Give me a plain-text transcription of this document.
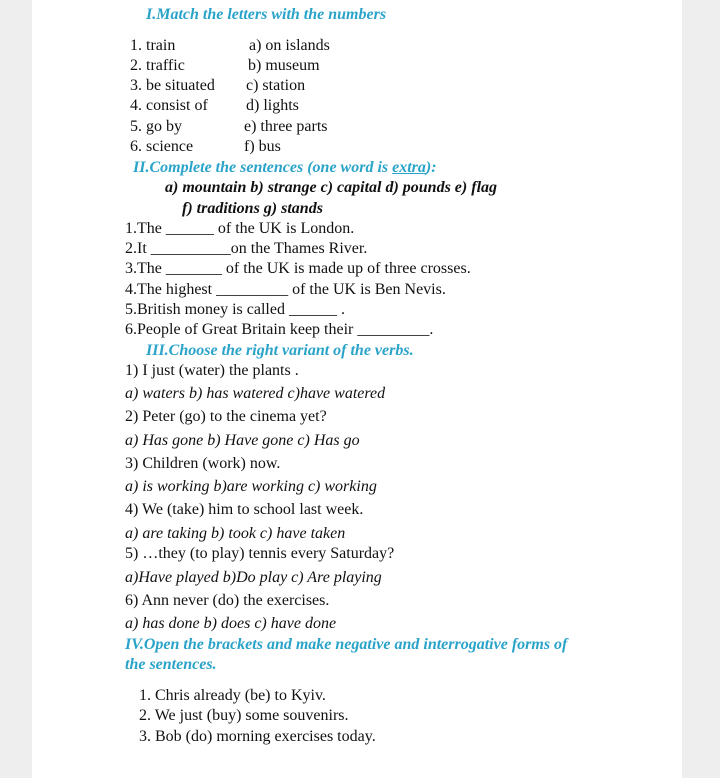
I.Match the letters with the numbers
1. train
2. traffic
3. be situated
4. consist of
5. go by
6. science
a) on islands
b) museum
c) station
d) lights
e) three parts
f) bus
II.Complete the sentences (one word is extra):
a) mountain b) strange c) capital d) pounds e) flag
f) traditions g) stands
1.The ______ of the UK is London.
2.It __________on the Thames River.
3.The _______ of the UK is made up of three crosses.
4.The highest _________ of the UK is Ben Nevis.
5.British money is called ______ .
6.People of Great Britain keep their _________.
III.Choose the right variant of the verbs.
1) I just (water) the plants .
a) waters b) has watered c)have watered
2) Peter (go) to the cinema yet?
a) Has gone b) Have gone c) Has go
3) Children (work) now.
a) is working b)are working c) working
4) We (take) him to school last week.
a) are taking b) took c) have taken
5) …they (to play) tennis every Saturday?
a)Have played b)Do play c) Are playing
6) Ann never (do) the exercises.
a) has done b) does c) have done
IV.Open the brackets and make negative and interrogative forms of
the sentences.
1. Chris already (be) to Kyiv.
2. We just (buy) some souvenirs.
3. Bob (do) morning exercises today.
